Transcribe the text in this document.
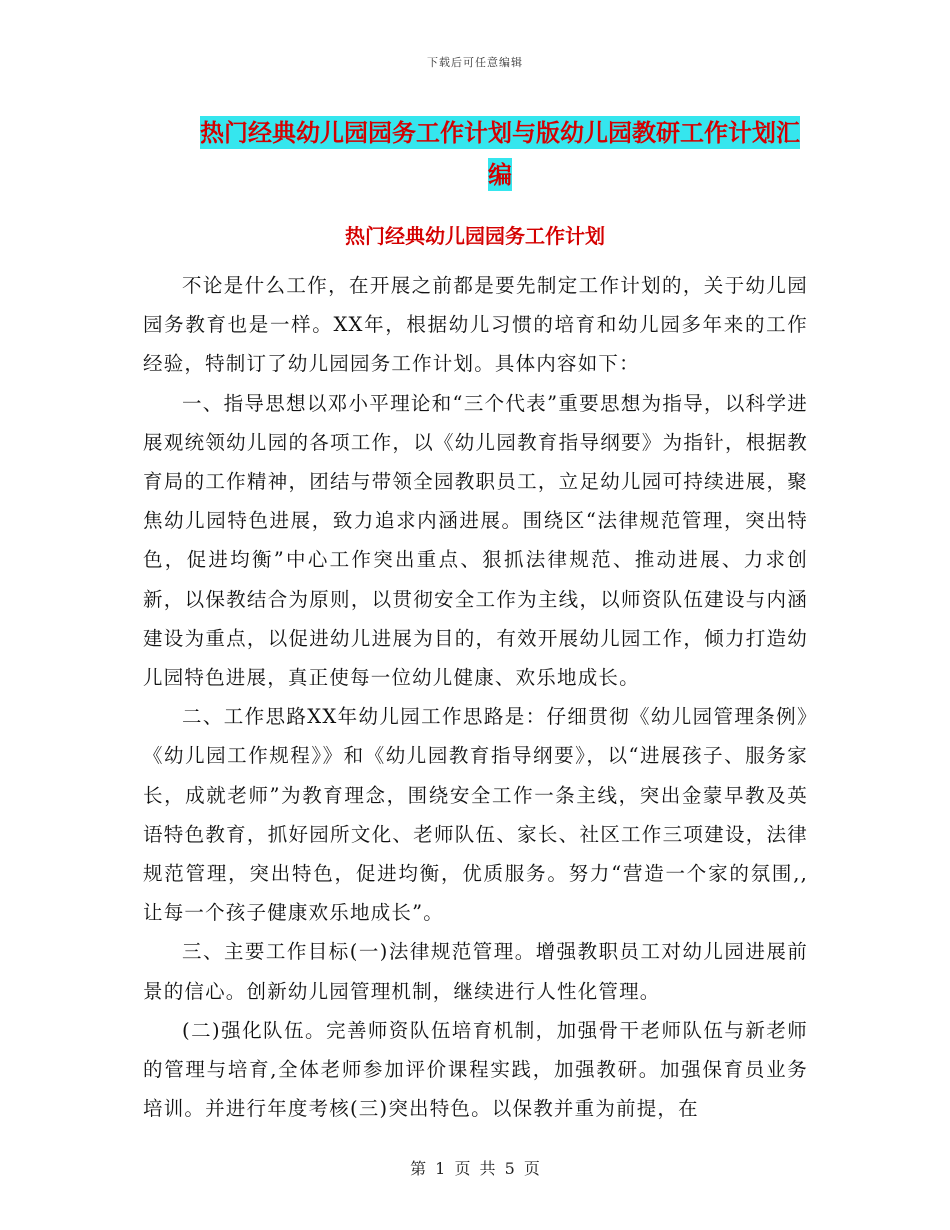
下载后可任意编辑
热门经典幼儿园园务工作计划与版幼儿园教研工作计划汇编
热门经典幼儿园园务工作计划

不论是什么工作，在开展之前都是要先制定工作计划的，关于幼儿园园务教育也是一样。XX年，根据幼儿习惯的培育和幼儿园多年来的工作经验，特制订了幼儿园园务工作计划。具体内容如下：

一、指导思想以邓小平理论和“三个代表”重要思想为指导，以科学进展观统领幼儿园的各项工作，以《幼儿园教育指导纲要》为指针，根据教育局的工作精神，团结与带领全园教职员工，立足幼儿园可持续进展，聚焦幼儿园特色进展，致力追求内涵进展。围绕区“法律规范管理，突出特色，促进均衡”中心工作突出重点、狠抓法律规范、推动进展、力求创新，以保教结合为原则，以贯彻安全工作为主线，以师资队伍建设与内涵建设为重点，以促进幼儿进展为目的，有效开展幼儿园工作，倾力打造幼儿园特色进展，真正使每一位幼儿健康、欢乐地成长。

二、工作思路XX年幼儿园工作思路是：仔细贯彻《幼儿园管理条例》《幼儿园工作规程》》和《幼儿园教育指导纲要》，以“进展孩子、服务家长，成就老师”为教育理念，围绕安全工作一条主线，突出金蒙早教及英语特色教育，抓好园所文化、老师队伍、家长、社区工作三项建设，法律规范管理，突出特色，促进均衡，优质服务。努力“营造一个家的氛围,,让每一个孩子健康欢乐地成长”。

三、主要工作目标(一)法律规范管理。增强教职员工对幼儿园进展前景的信心。创新幼儿园管理机制，继续进行人性化管理。

(二)强化队伍。完善师资队伍培育机制，加强骨干老师队伍与新老师的管理与培育,全体老师参加评价课程实践，加强教研。加强保育员业务培训。并进行年度考核(三)突出特色。以保教并重为前提，在

第 1 页 共 5 页
